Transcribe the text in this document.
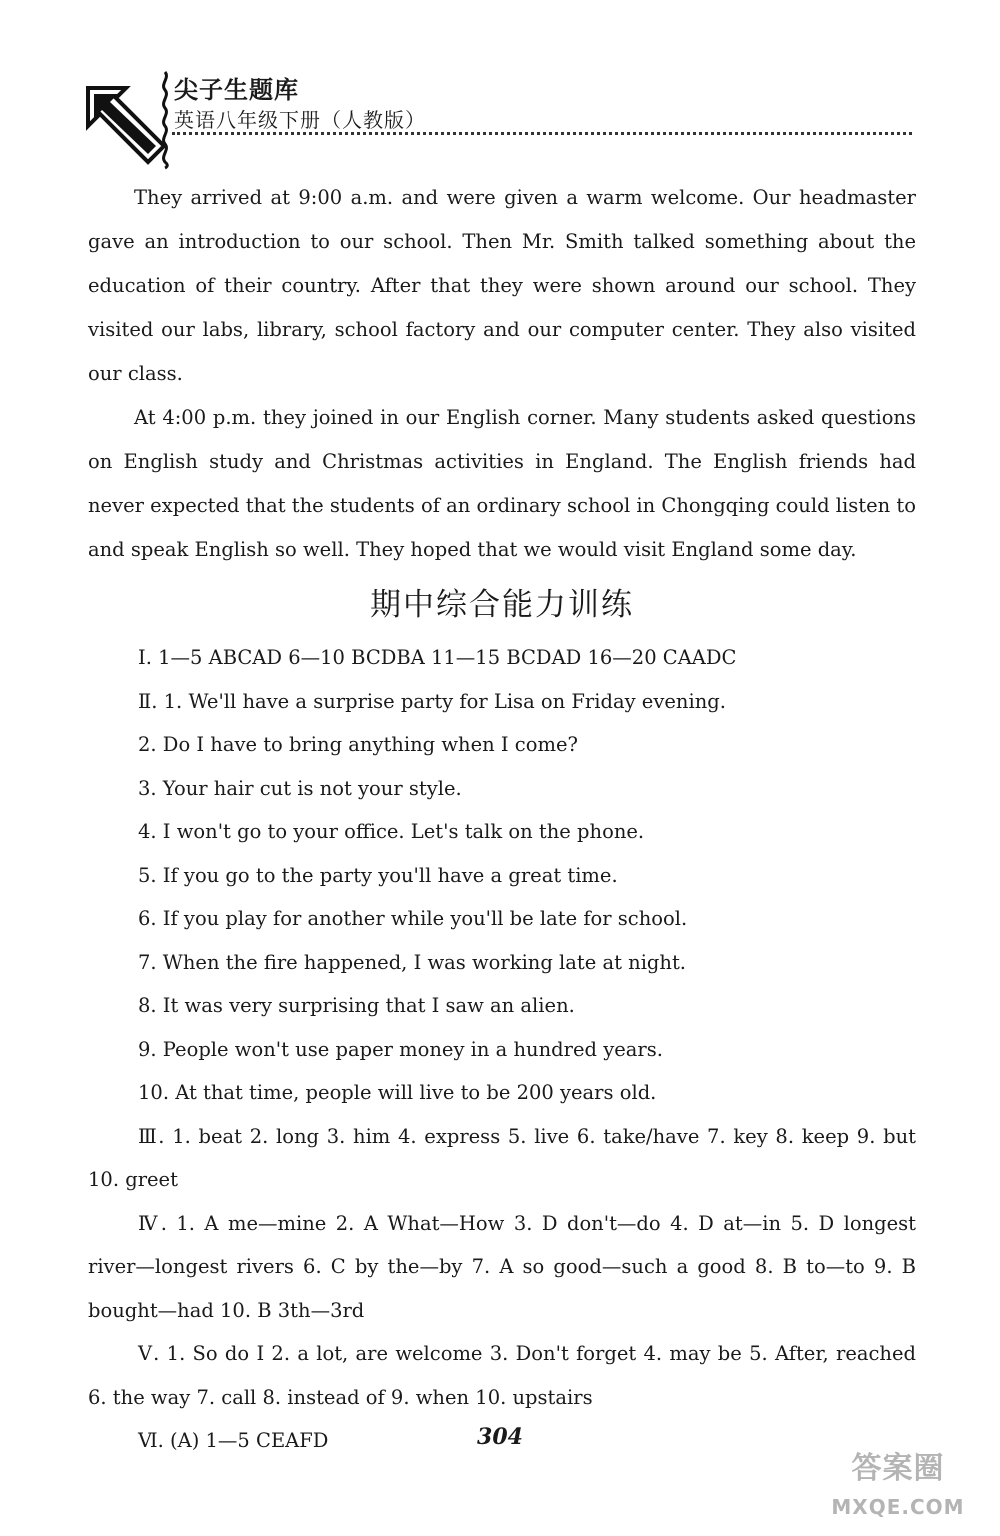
尖子生题库
英语八年级下册（人教版）

They arrived at 9:00 a.m. and were given a warm welcome. Our headmaster gave an introduction to our school. Then Mr. Smith talked something about the education of their country. After that they were shown around our school. They visited our labs, library, school factory and our computer center. They also visited our class.

At 4:00 p.m. they joined in our English corner. Many students asked questions on English study and Christmas activities in England. The English friends had never expected that the students of an ordinary school in Chongqing could listen to and speak English so well. They hoped that we would visit England some day.

期中综合能力训练

Ⅰ. 1—5 ABCAD 6—10 BCDBA 11—15 BCDAD 16—20 CAADC

Ⅱ. 1. We'll have a surprise party for Lisa on Friday evening.

2. Do I have to bring anything when I come?

3. Your hair cut is not your style.

4. I won't go to your office. Let's talk on the phone.

5. If you go to the party you'll have a great time.

6. If you play for another while you'll be late for school.

7. When the fire happened, I was working late at night.

8. It was very surprising that I saw an alien.

9. People won't use paper money in a hundred years.

10. At that time, people will live to be 200 years old.

Ⅲ. 1. beat 2. long 3. him 4. express 5. live 6. take/have 7. key 8. keep 9. but 10. greet

Ⅳ. 1. A me—mine 2. A What—How 3. D don't—do 4. D at—in 5. D longest river—longest rivers 6. C by the—by 7. A so good—such a good 8. B to—to 9. B bought—had 10. B 3th—3rd

Ⅴ. 1. So do I 2. a lot, are welcome 3. Don't forget 4. may be 5. After, reached 6. the way 7. call 8. instead of 9. when 10. upstairs

Ⅵ. (A) 1—5 CEAFD	304
答案圈
MXQE.COM
